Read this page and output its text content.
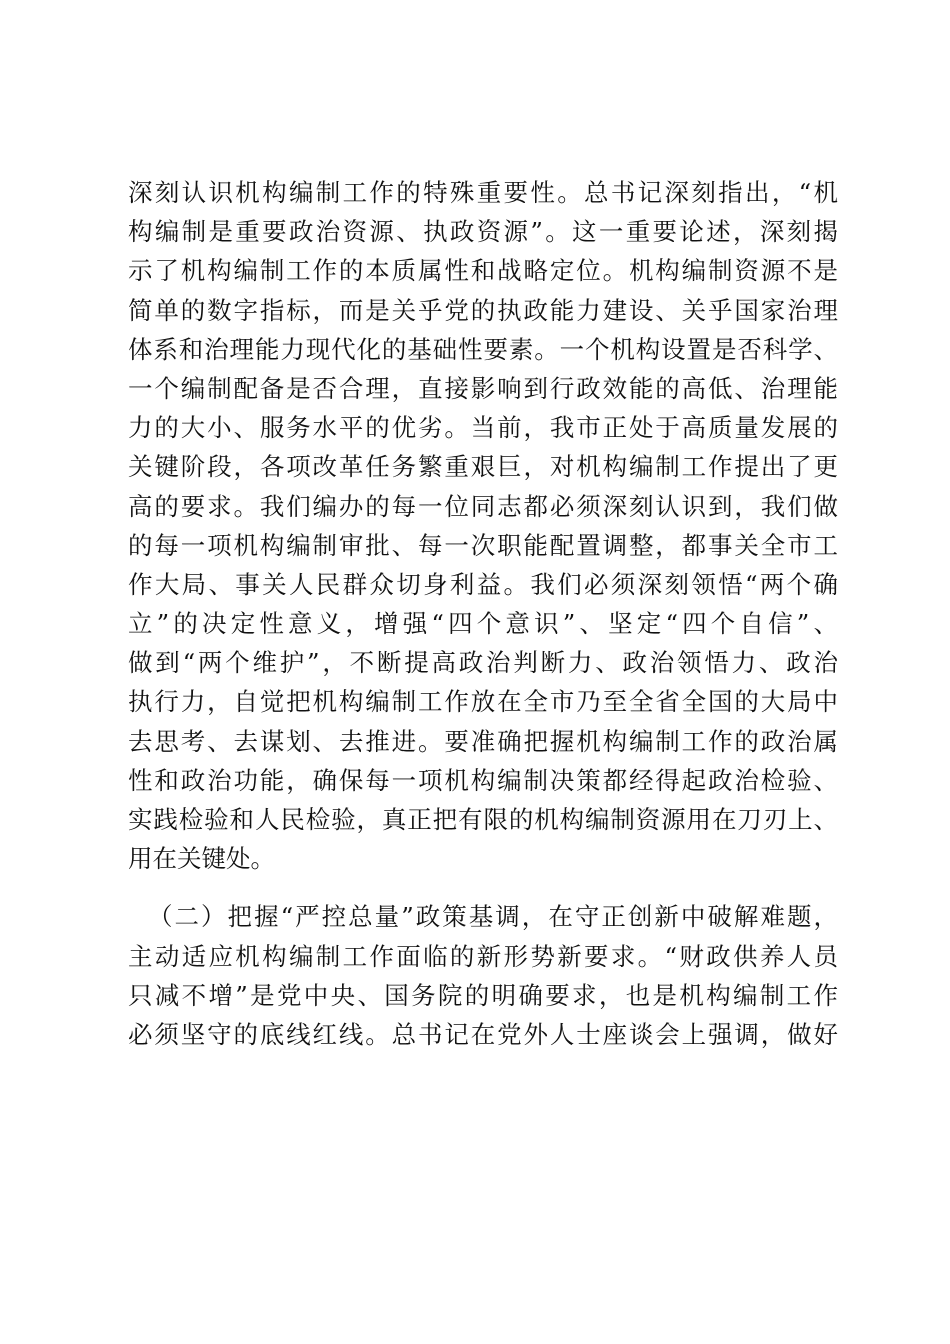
深刻认识机构编制工作的特殊重要性。总书记深刻指出，“机
构编制是重要政治资源、执政资源”。这一重要论述，深刻揭
示了机构编制工作的本质属性和战略定位。机构编制资源不是
简单的数字指标，而是关乎党的执政能力建设、关乎国家治理
体系和治理能力现代化的基础性要素。一个机构设置是否科学、
一个编制配备是否合理，直接影响到行政效能的高低、治理能
力的大小、服务水平的优劣。当前，我市正处于高质量发展的
关键阶段，各项改革任务繁重艰巨，对机构编制工作提出了更
高的要求。我们编办的每一位同志都必须深刻认识到，我们做
的每一项机构编制审批、每一次职能配置调整，都事关全市工
作大局、事关人民群众切身利益。我们必须深刻领悟“两个确
立”的决定性意义，增强“四个意识”、坚定“四个自信”、
做到“两个维护”，不断提高政治判断力、政治领悟力、政治
执行力，自觉把机构编制工作放在全市乃至全省全国的大局中
去思考、去谋划、去推进。要准确把握机构编制工作的政治属
性和政治功能，确保每一项机构编制决策都经得起政治检验、
实践检验和人民检验，真正把有限的机构编制资源用在刀刃上、
用在关键处。
（二）把握“严控总量”政策基调，在守正创新中破解难题，
主动适应机构编制工作面临的新形势新要求。“财政供养人员
只减不增”是党中央、国务院的明确要求，也是机构编制工作
必须坚守的底线红线。总书记在党外人士座谈会上强调，做好
